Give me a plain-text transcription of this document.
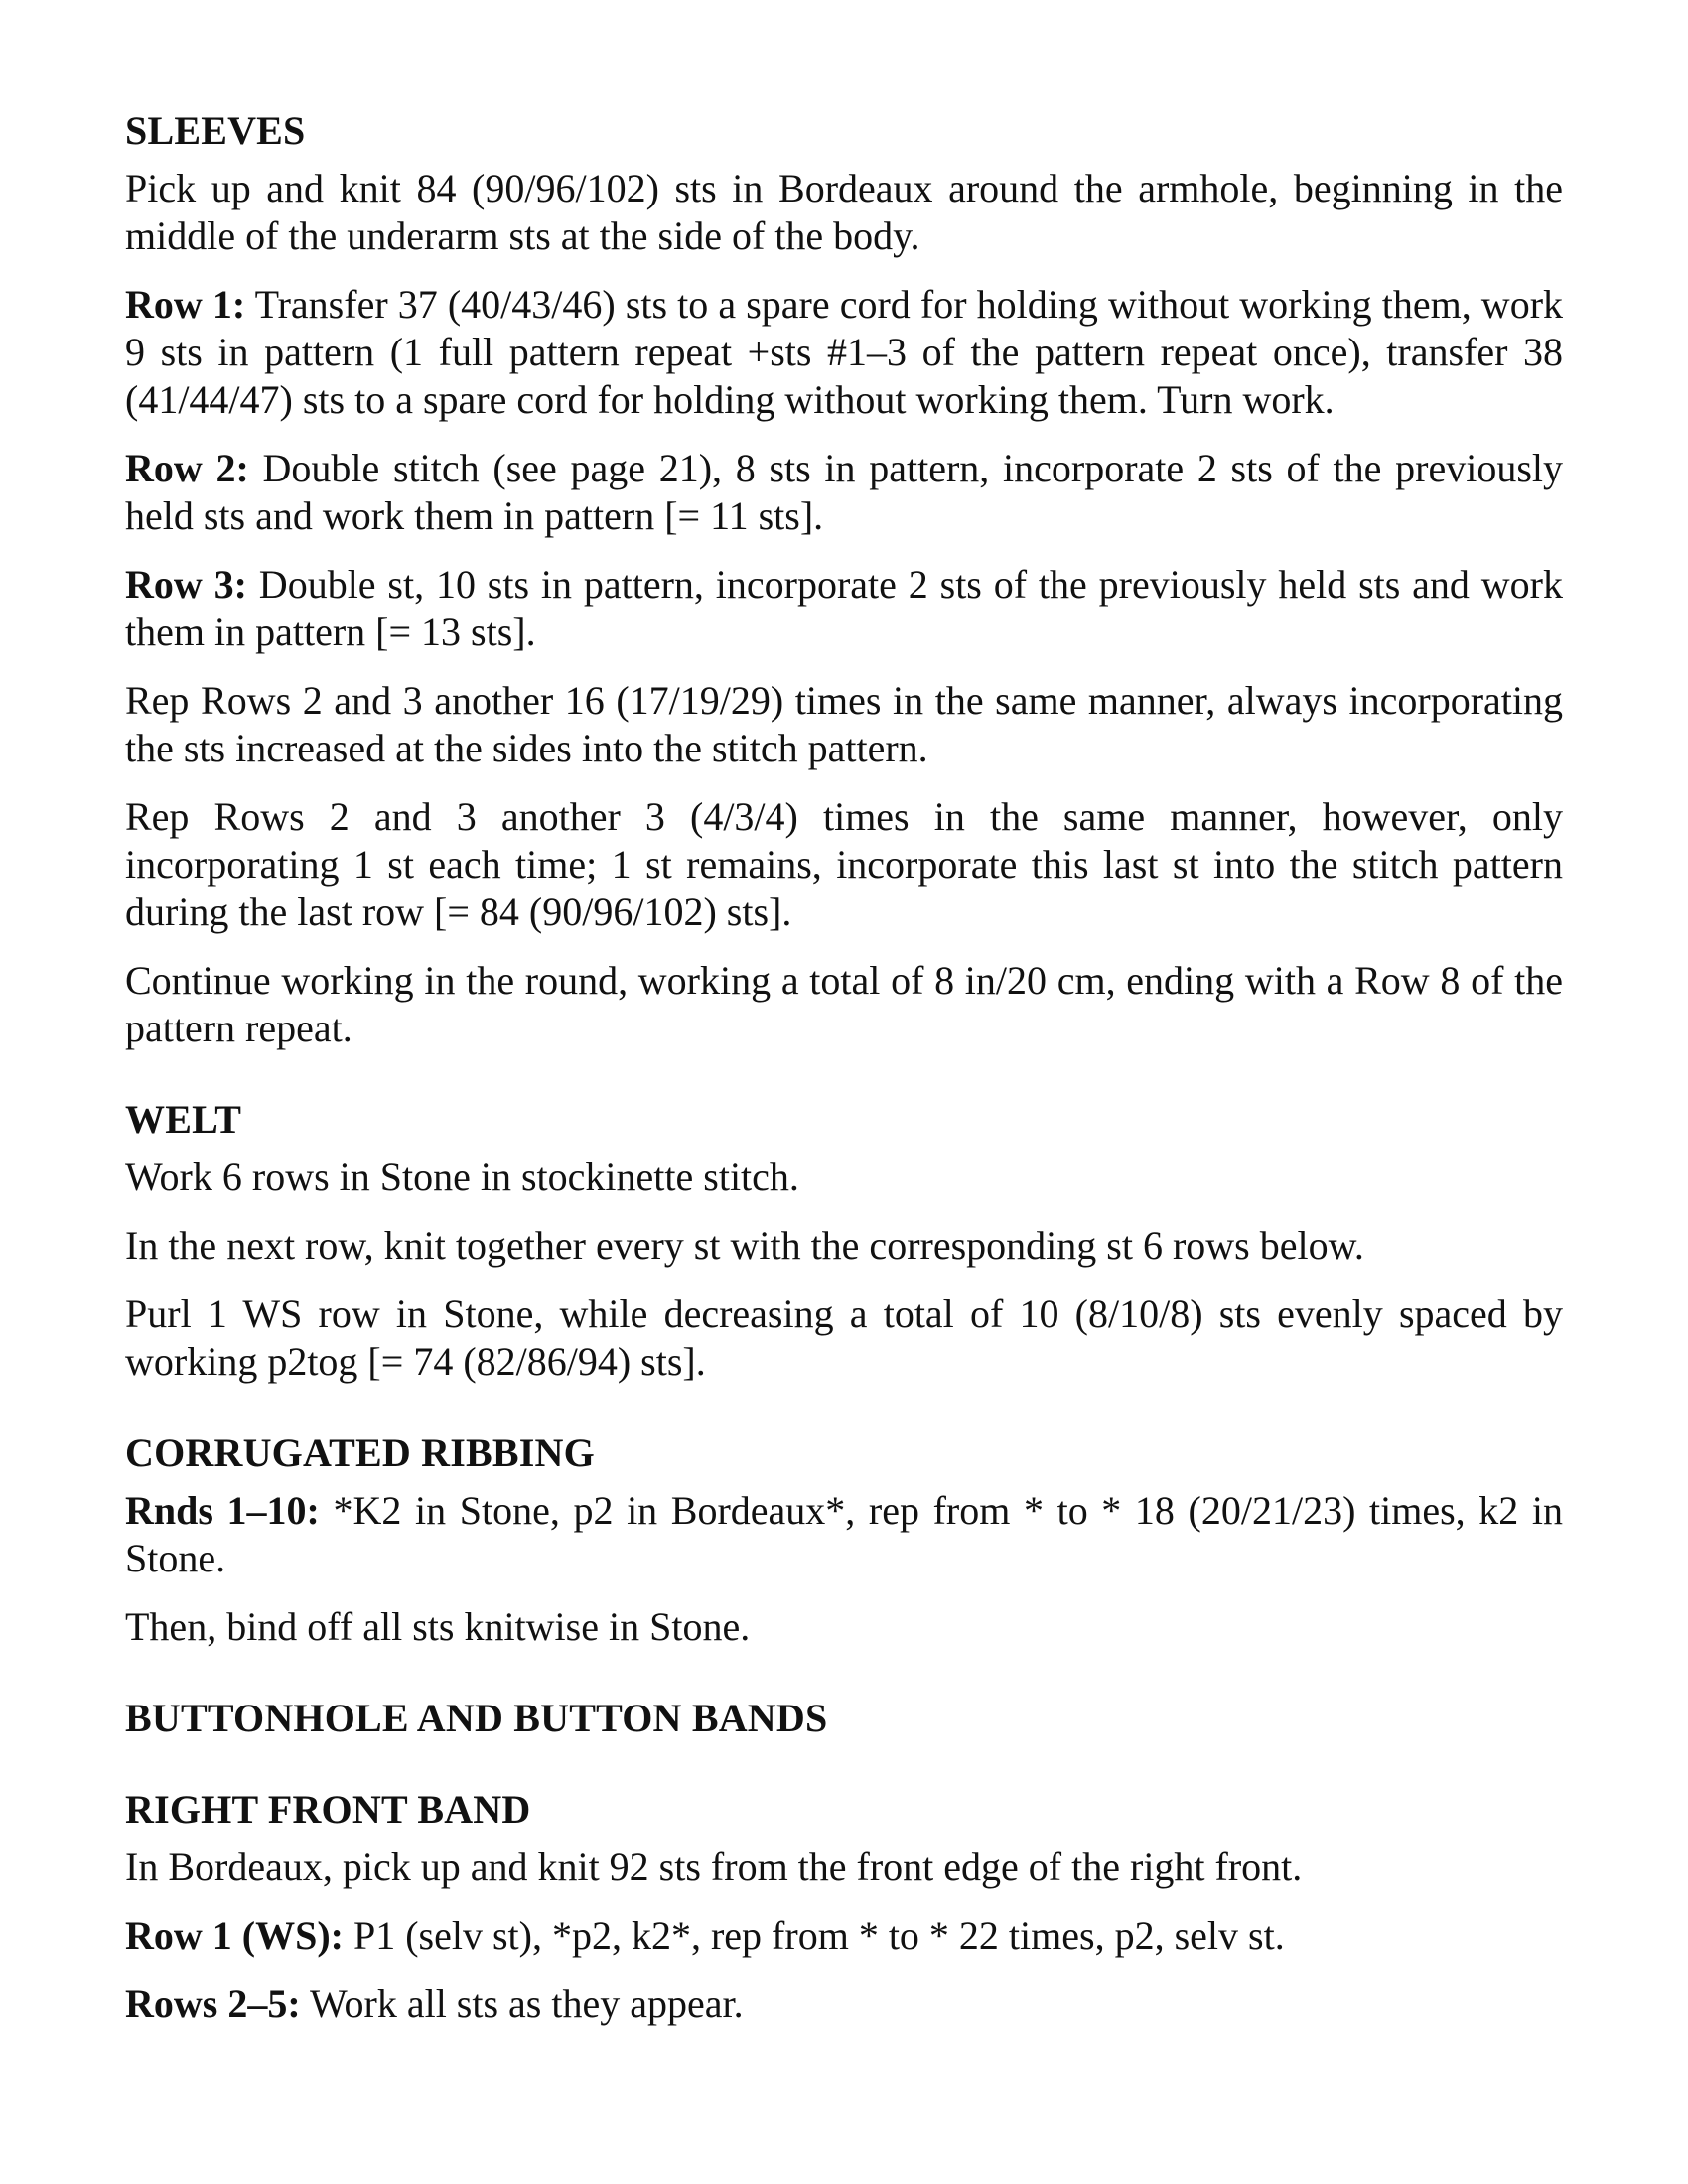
SLEEVES

Pick up and knit 84 (90/96/102) sts in Bordeaux around the armhole, beginning in the middle of the underarm sts at the side of the body.

Row 1: Transfer 37 (40/43/46) sts to a spare cord for holding without working them, work 9 sts in pattern (1 full pattern repeat +sts #1–3 of the pattern repeat once), transfer 38 (41/44/47) sts to a spare cord for holding without working them. Turn work.

Row 2: Double stitch (see page 21), 8 sts in pattern, incorporate 2 sts of the previously held sts and work them in pattern [= 11 sts].

Row 3: Double st, 10 sts in pattern, incorporate 2 sts of the previously held sts and work them in pattern [= 13 sts].

Rep Rows 2 and 3 another 16 (17/19/29) times in the same manner, always incorporating the sts increased at the sides into the stitch pattern.

Rep Rows 2 and 3 another 3 (4/3/4) times in the same manner, however, only incorporating 1 st each time; 1 st remains, incorporate this last st into the stitch pattern during the last row [= 84 (90/96/102) sts].

Continue working in the round, working a total of 8 in/20 cm, ending with a Row 8 of the pattern repeat.

WELT

Work 6 rows in Stone in stockinette stitch.

In the next row, knit together every st with the corresponding st 6 rows below.

Purl 1 WS row in Stone, while decreasing a total of 10 (8/10/8) sts evenly spaced by working p2tog [= 74 (82/86/94) sts].

CORRUGATED RIBBING

Rnds 1–10: *K2 in Stone, p2 in Bordeaux*, rep from * to * 18 (20/21/23) times, k2 in Stone.

Then, bind off all sts knitwise in Stone.

BUTTONHOLE AND BUTTON BANDS
RIGHT FRONT BAND

In Bordeaux, pick up and knit 92 sts from the front edge of the right front.

Row 1 (WS): P1 (selv st), *p2, k2*, rep from * to * 22 times, p2, selv st.

Rows 2–5: Work all sts as they appear.
